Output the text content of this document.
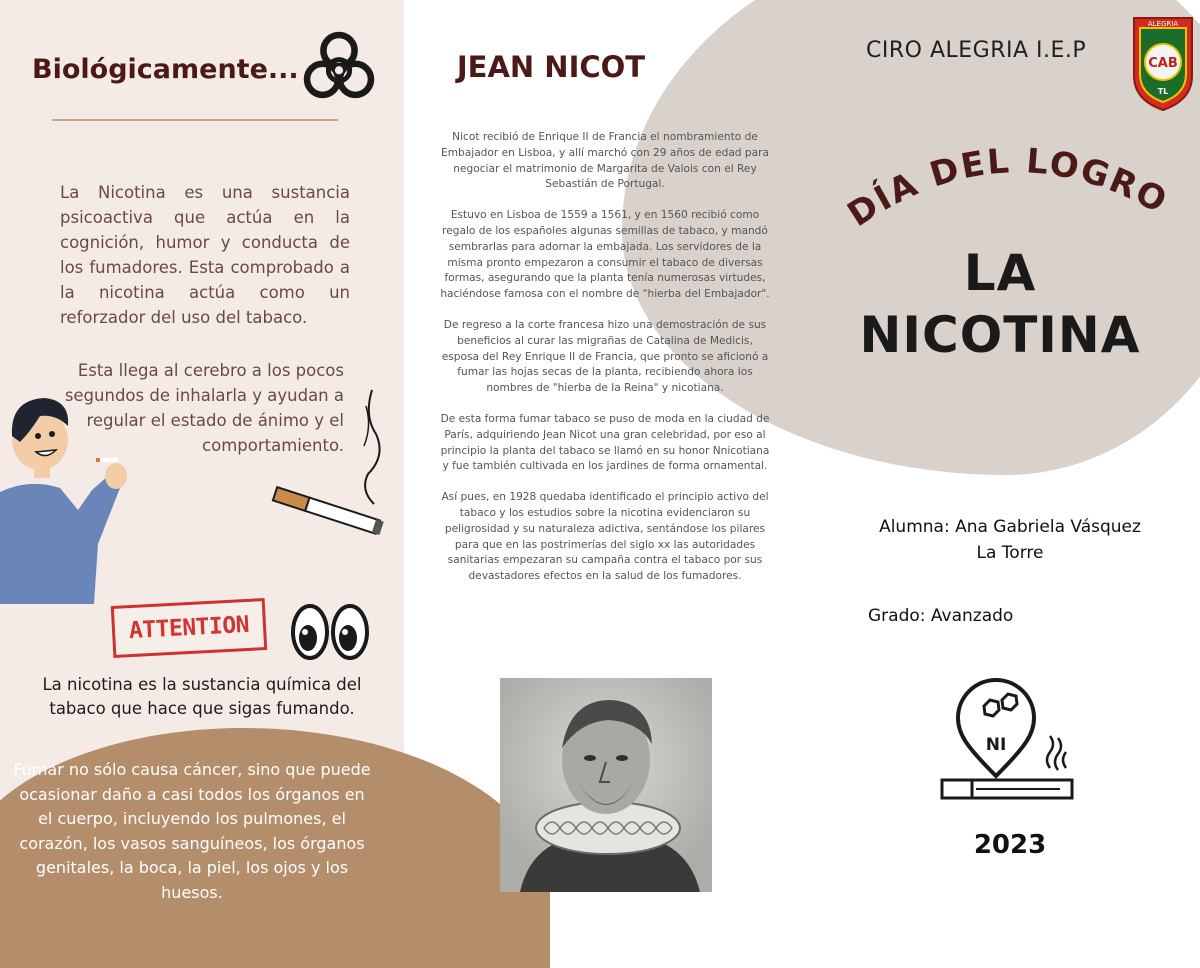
Biológicamente...
La Nicotina es una sustancia psicoactiva que actúa en la cognición, humor y conducta de los fumadores. Esta comprobado a la nicotina actúa como un reforzador del uso del tabaco.
Esta llega al cerebro a los pocos segundos de inhalarla y ayudan a regular el estado de ánimo y el comportamiento.
ATTENTION
La nicotina es la sustancia química del tabaco que hace que sigas fumando.
Fumar no sólo causa cáncer, sino que puede ocasionar daño a casi todos los órganos en el cuerpo, incluyendo los pulmones, el corazón, los vasos sanguíneos, los órganos genitales, la boca, la piel, los ojos y los huesos.
JEAN NICOT

Nicot recibió de Enrique II de Francia el nombramiento de Embajador en Lisboa, y allí marchó con 29 años de edad para negociar el matrimonio de Margarita de Valois con el Rey Sebastián de Portugal.

Estuvo en Lisboa de 1559 a 1561, y en 1560 recibió como regalo de los españoles algunas semillas de tabaco, y mandó sembrarlas para adornar la embajada. Los servidores de la misma pronto empezaron a consumir el tabaco de diversas formas, asegurando que la planta tenía numerosas virtudes, haciéndose famosa con el nombre de "hierba del Embajador".

De regreso a la corte francesa hizo una demostración de sus beneficios al curar las migrañas de Catalina de Medicis, esposa del Rey Enrique II de Francia, que pronto se aficionó a fumar las hojas secas de la planta, recibiendo ahora los nombres de "hierba de la Reina" y nicotiana.

De esta forma fumar tabaco se puso de moda en la ciudad de París, adquiriendo Jean Nicot una gran celebridad, por eso al principio la planta del tabaco se llamó en su honor Nnicotiana y fue también cultivada en los jardines de forma ornamental.

Así pues, en 1928 quedaba identificado el principio activo del tabaco y los estudios sobre la nicotina evidenciaron su peligrosidad y su naturaleza adictiva, sentándose los pilares para que en las postrimerías del siglo xx las autoridades sanitarias empezaran su campaña contra el tabaco por sus devastadores efectos en la salud de los fumadores.

CIRO ALEGRIA I.E.P
ALEGRIA
CAB
TL
DÍA DEL LOGRO
LA
NICOTINA
Alumna: Ana Gabriela Vásquez
La Torre
Grado: Avanzado
NI
2023
